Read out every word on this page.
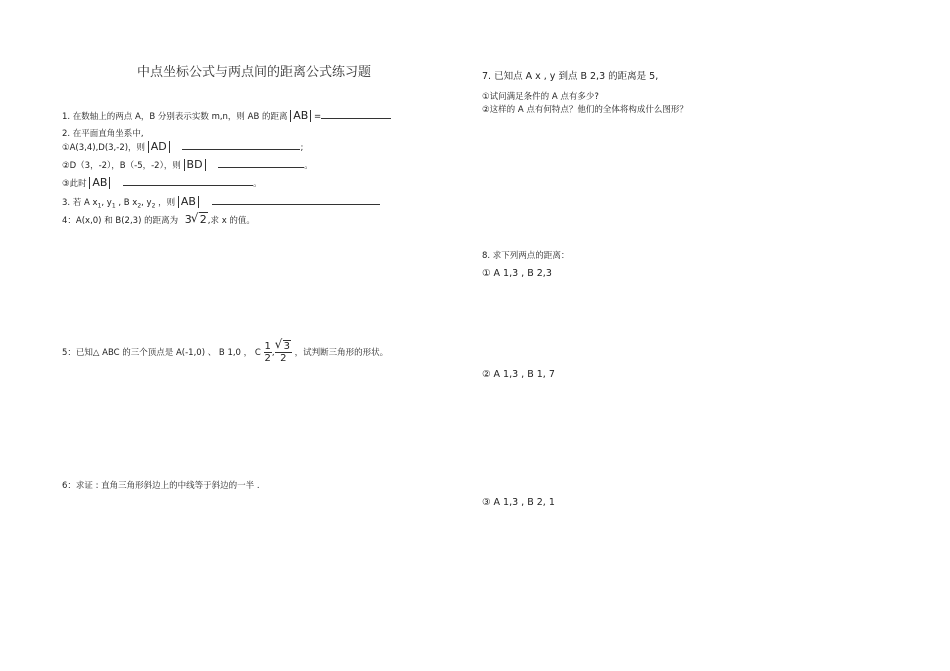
中点坐标公式与两点间的距离公式练习题
1. 在数轴上的两点 A，B 分别表示实数 m,n，则 AB 的距离 AB =
2. 在平面直角坐系中,
①A(3,4),D(3,-2)，则 AD	;
②D（3，-2），B（-5，-2），则 BD	。
③此时 AB	。
3. 若 A $x_1$, $y_1$ , B $x_2$, $y_2$ ，则 AB
4：A(x,0) 和 B(2,3) 的距离为 3 √ 2,求 x 的值。
5：已知△ ABC 的三个顶点是 A(-1,0) 、 B 1,0 ， C $\frac{1}{2}$ , √ $\frac{3}{2}$ ，试判断三角形的形状。
6：求证 : 直角三角形斜边上的中线等于斜边的一半 .
7. 已知点 A x , y 到点 B 2,3 的距离是 5,
①试问满足条件的 A 点有多少?
②这样的 A 点有何特点？他们的全体将构成什么图形？
8. 求下列两点的距离：
① A 1,3 , B 2,3
② A 1,3 , B 1, 7
③ A 1,3 , B 2, 1
